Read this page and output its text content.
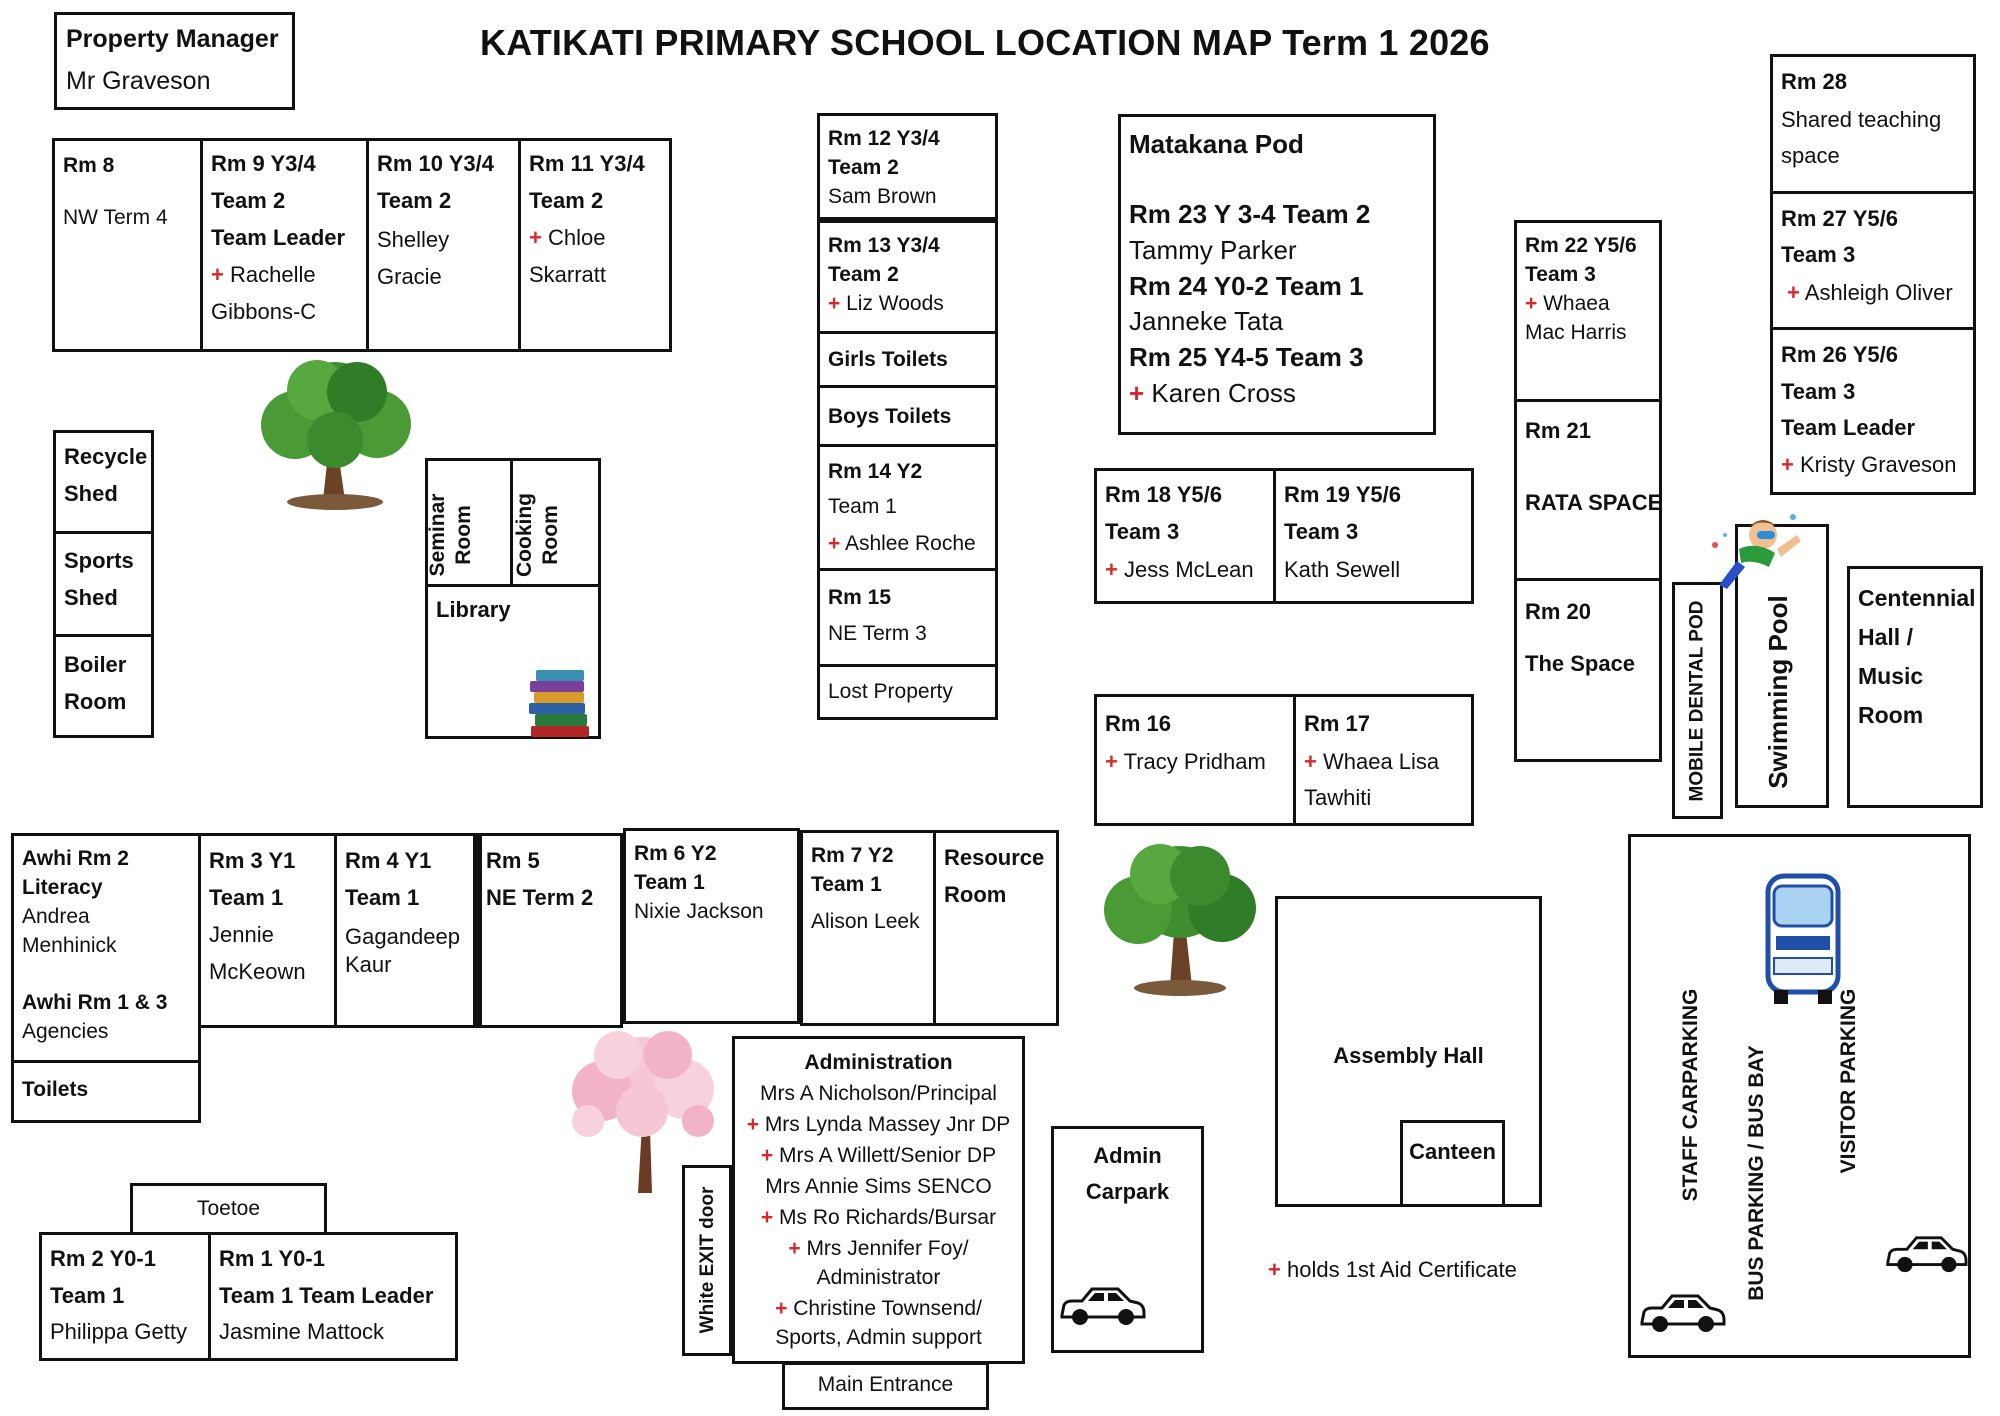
KATIKATI PRIMARY SCHOOL LOCATION MAP Term 1 2026
Property Manager
Mr Graveson
Rm 8
NW Term 4
Rm 9 Y3/4
Team 2
Team Leader
+ Rachelle
Gibbons-C
Rm 10 Y3/4
Team 2
Shelley
Gracie
Rm 11 Y3/4
Team 2
+ Chloe
Skarratt
Recycle
Shed
Sports
Shed
Boiler
Room
Seminar Room Cooking Room
Library
Rm 12 Y3/4
Team 2
Sam Brown
Rm 13 Y3/4
Team 2
+ Liz Woods
Girls Toilets
Boys Toilets
Rm 14 Y2
Team 1
+ Ashlee Roche
Rm 15
NE Term 3
Lost Property
Matakana Pod
Rm 23 Y 3-4 Team 2
Tammy Parker
Rm 24 Y0-2 Team 1
Janneke Tata
Rm 25 Y4-5 Team 3
+ Karen Cross
Rm 18 Y5/6
Team 3
+ Jess McLean
Rm 19 Y5/6
Team 3
Kath Sewell
Rm 16
+ Tracy Pridham
Rm 17
+ Whaea Lisa
Tawhiti
Rm 22 Y5/6
Team 3
+ Whaea
Mac Harris
Rm 21
RATA SPACE
Rm 20
The Space
Rm 28
Shared teaching
space
Rm 27 Y5/6
Team 3
+ Ashleigh Oliver
Rm 26 Y5/6
Team 3
Team Leader
+ Kristy Graveson
MOBILE DENTAL POD Swimming Pool	Centennial
Hall /
Music
Room
Awhi Rm 2
Literacy
Andrea
Menhinick
Awhi Rm 1 & 3
Agencies
Toilets
Rm 3 Y1
Team 1
Jennie
McKeown
Rm 4 Y1
Team 1
Gagandeep
Kaur
Rm 5
NE Term 2
Rm 6 Y2
Team 1
Nixie Jackson
Rm 7 Y2
Team 1
Alison Leek
Resource
Room
Administration
Mrs A Nicholson/Principal
+ Mrs Lynda Massey Jnr DP
+ Mrs A Willett/Senior DP
Mrs Annie Sims SENCO
+ Ms Ro Richards/Bursar
+ Mrs Jennifer Foy/
Administrator
+ Christine Townsend/
Sports, Admin support
White EXIT door
Main Entrance
Admin
Carpark
Assembly Hall
Canteen
+ holds 1st Aid Certificate
STAFF CARPARKING BUS PARKING / BUS BAY	VISITOR PARKING
Toetoe
Rm 2 Y0-1
Team 1
Philippa Getty
Rm 1 Y0-1
Team 1 Team Leader
Jasmine Mattock
